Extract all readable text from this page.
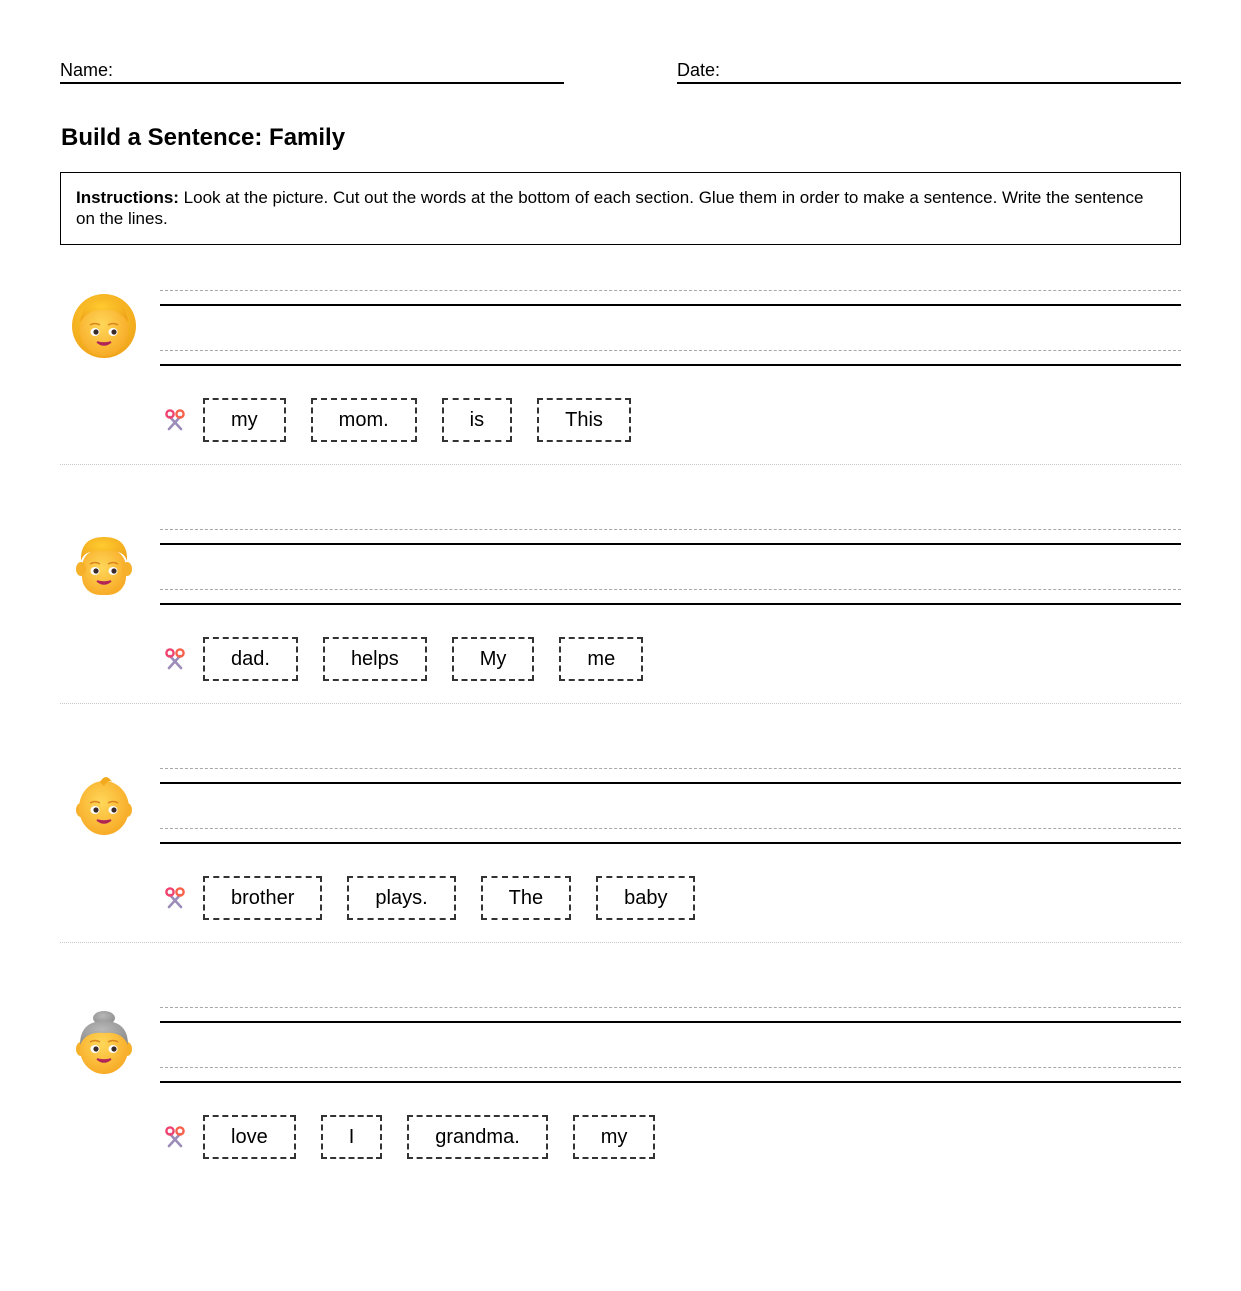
Name:	Date:
Build a Sentence: Family
Instructions: Look at the picture. Cut out the words at the bottom of each section. Glue them in order to make a sentence. Write the sentence on the lines.
my	mom.	is	This
dad.	helps	My	me
brother	plays.	The	baby
love	I	grandma.	my
